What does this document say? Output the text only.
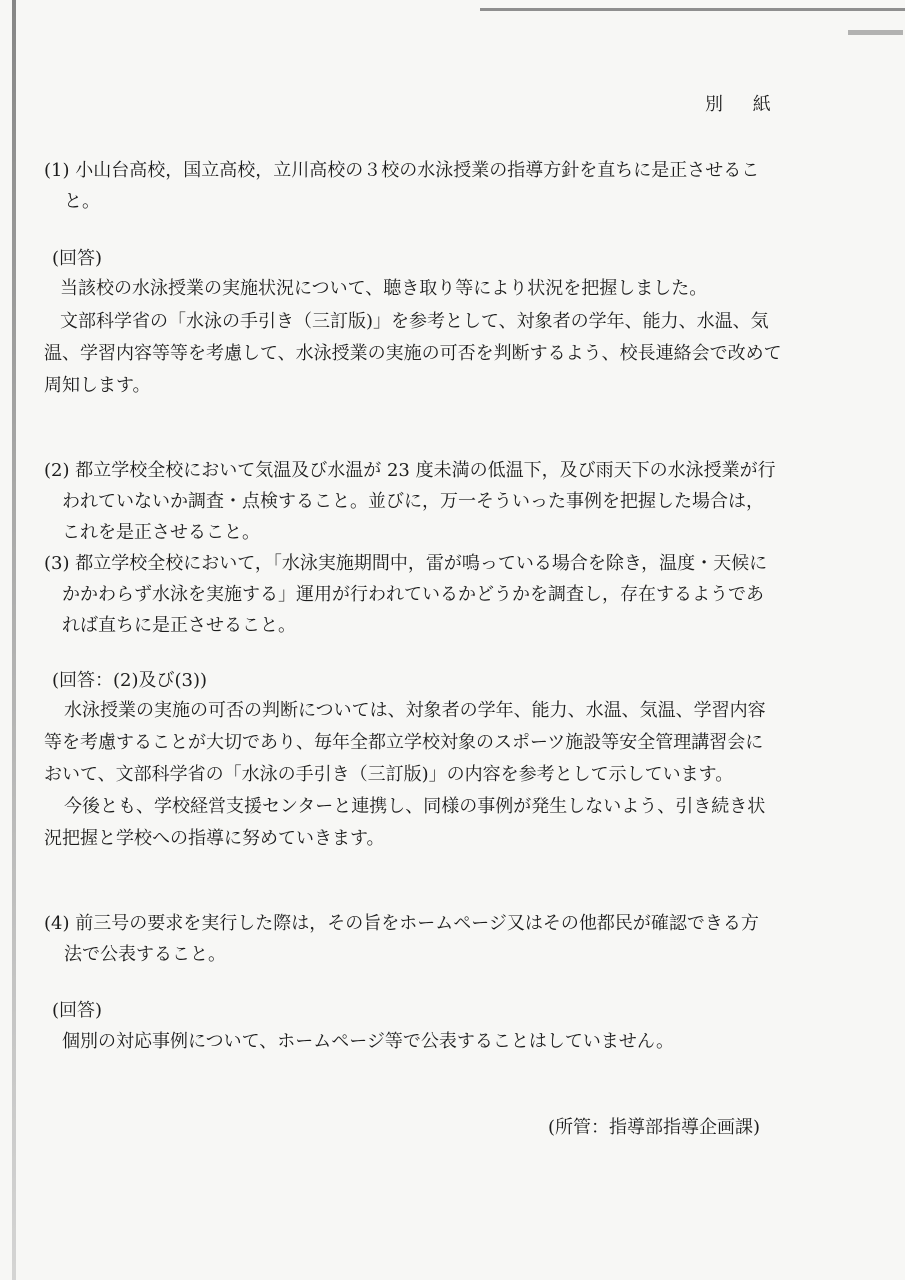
別 紙
(1) 小山台高校，国立高校，立川高校の３校の水泳授業の指導方針を直ちに是正させるこ
と。
(回答)
当該校の水泳授業の実施状況について、聴き取り等により状況を把握しました。
文部科学省の「水泳の手引き（三訂版)」を参考として、対象者の学年、能力、水温、気
温、学習内容等等を考慮して、水泳授業の実施の可否を判断するよう、校長連絡会で改めて
周知します。
(2) 都立学校全校において気温及び水温が 23 度未満の低温下，及び雨天下の水泳授業が行
われていないか調査・点検すること。並びに，万一そういった事例を把握した場合は，
これを是正させること。
(3) 都立学校全校において，「水泳実施期間中，雷が鳴っている場合を除き，温度・天候に
かかわらず水泳を実施する」運用が行われているかどうかを調査し，存在するようであ
れば直ちに是正させること。
(回答：(2)及び(3))
水泳授業の実施の可否の判断については、対象者の学年、能力、水温、気温、学習内容
等を考慮することが大切であり、毎年全都立学校対象のスポーツ施設等安全管理講習会に
おいて、文部科学省の「水泳の手引き（三訂版)」の内容を参考として示しています。
今後とも、学校経営支援センターと連携し、同様の事例が発生しないよう、引き続き状
況把握と学校への指導に努めていきます。
(4) 前三号の要求を実行した際は，その旨をホームページ又はその他都民が確認できる方
法で公表すること。
(回答)
個別の対応事例について、ホームページ等で公表することはしていません。
(所管：指導部指導企画課)
